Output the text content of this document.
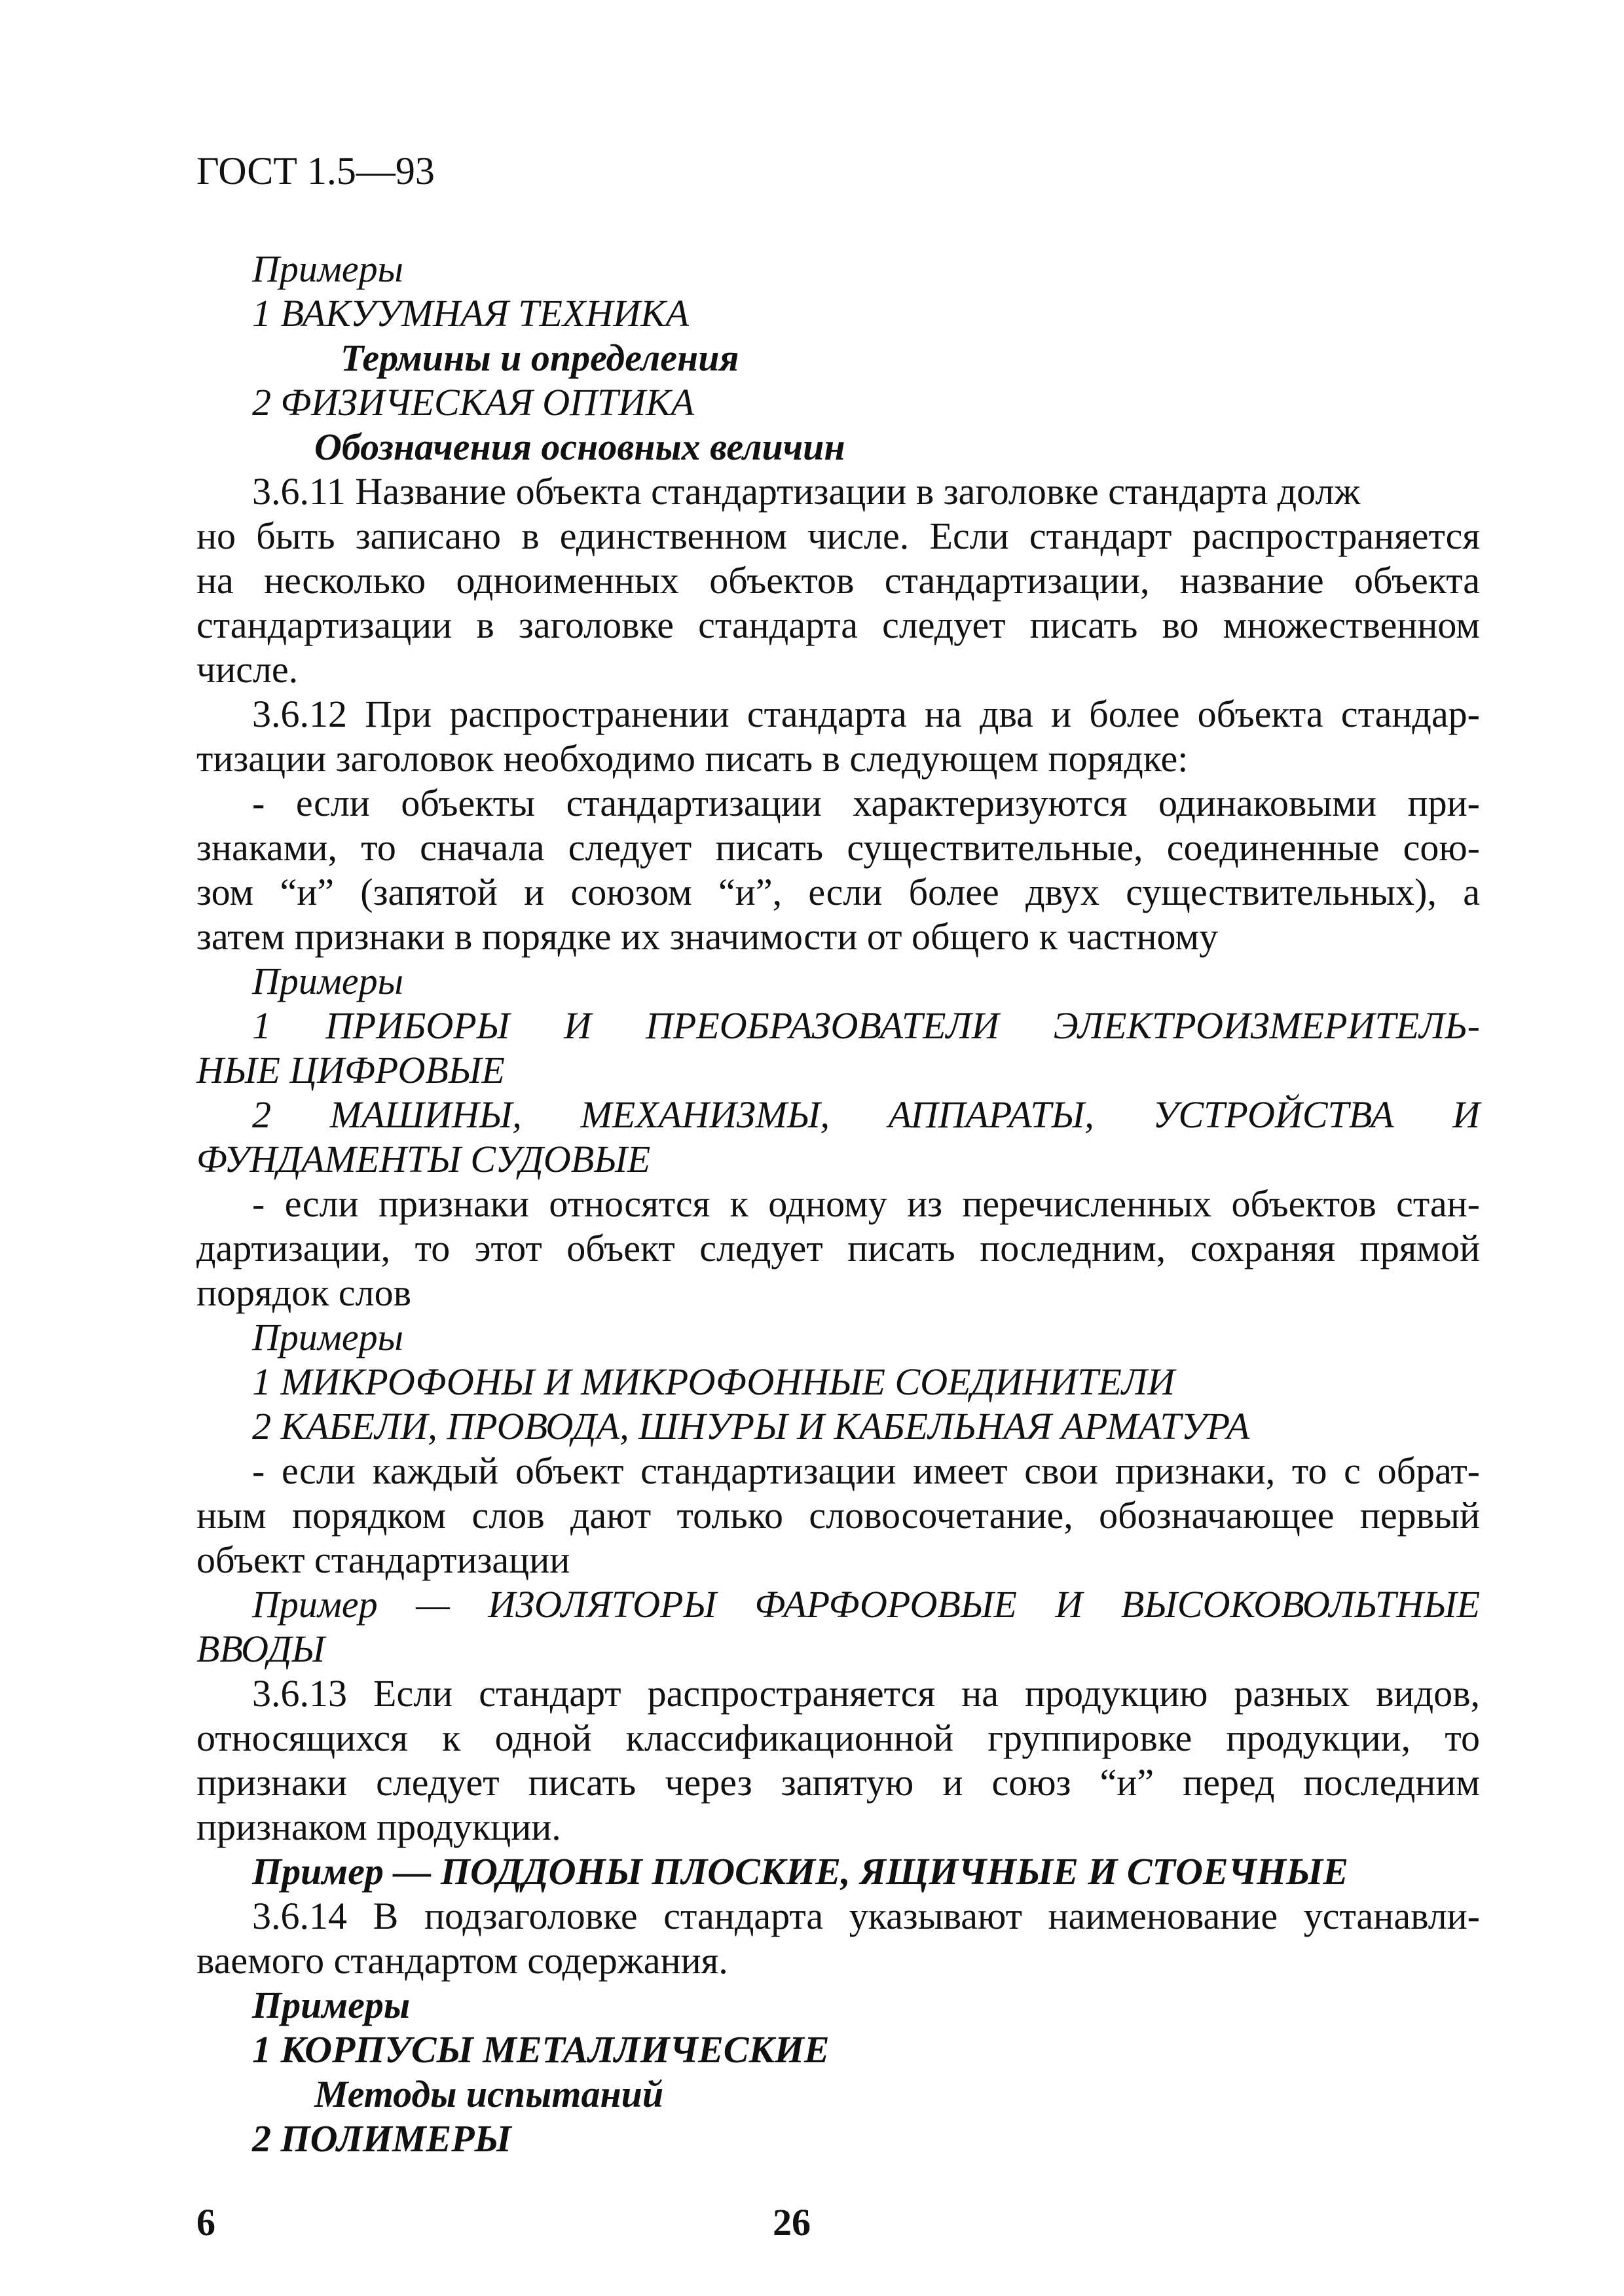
ГОСТ 1.5—93
Примеры
1 ВАКУУМНАЯ ТЕХНИКА
Термины и определения
2 ФИЗИЧЕСКАЯ ОПТИКА
Обозначения основных величин
3.6.11 Название объекта стандартизации в заголовке стандарта долж
но быть записано в единственном числе. Если стандарт распространяется
на несколько одноименных объектов стандартизации, название объекта
стандартизации в заголовке стандарта следует писать во множественном
числе.
3.6.12 При распространении стандарта на два и более объекта стандар-
тизации заголовок необходимо писать в следующем порядке:
- если объекты стандартизации характеризуются одинаковыми при-
знаками, то сначала следует писать существительные, соединенные сою-
зом “и” (запятой и союзом “и”, если более двух существительных), а
затем признаки в порядке их значимости от общего к частному
Примеры
1 ПРИБОРЫ И ПРЕОБРАЗОВАТЕЛИ ЭЛЕКТРОИЗМЕРИТЕЛЬ-
НЫЕ ЦИФРОВЫЕ
2 МАШИНЫ, МЕХАНИЗМЫ, АППАРАТЫ, УСТРОЙСТВА И
ФУНДАМЕНТЫ СУДОВЫЕ
- если признаки относятся к одному из перечисленных объектов стан-
дартизации, то этот объект следует писать последним, сохраняя прямой
порядок слов
Примеры
1 МИКРОФОНЫ И МИКРОФОННЫЕ СОЕДИНИТЕЛИ
2 КАБЕЛИ, ПРОВОДА, ШНУРЫ И КАБЕЛЬНАЯ АРМАТУРА
- если каждый объект стандартизации имеет свои признаки, то с обрат-
ным порядком слов дают только словосочетание, обозначающее первый
объект стандартизации
Пример — ИЗОЛЯТОРЫ ФАРФОРОВЫЕ И ВЫСОКОВОЛЬТНЫЕ
ВВОДЫ
3.6.13 Если стандарт распространяется на продукцию разных видов,
относящихся к одной классификационной группировке продукции, то
признаки следует писать через запятую и союз “и” перед последним
признаком продукции.
Пример — ПОДДОНЫ ПЛОСКИЕ, ЯЩИЧНЫЕ И СТОЕЧНЫЕ
3.6.14 В подзаголовке стандарта указывают наименование устанавли-
ваемого стандартом содержания.
Примеры
1 КОРПУСЫ МЕТАЛЛИЧЕСКИЕ
Методы испытаний
2 ПОЛИМЕРЫ
6	26
